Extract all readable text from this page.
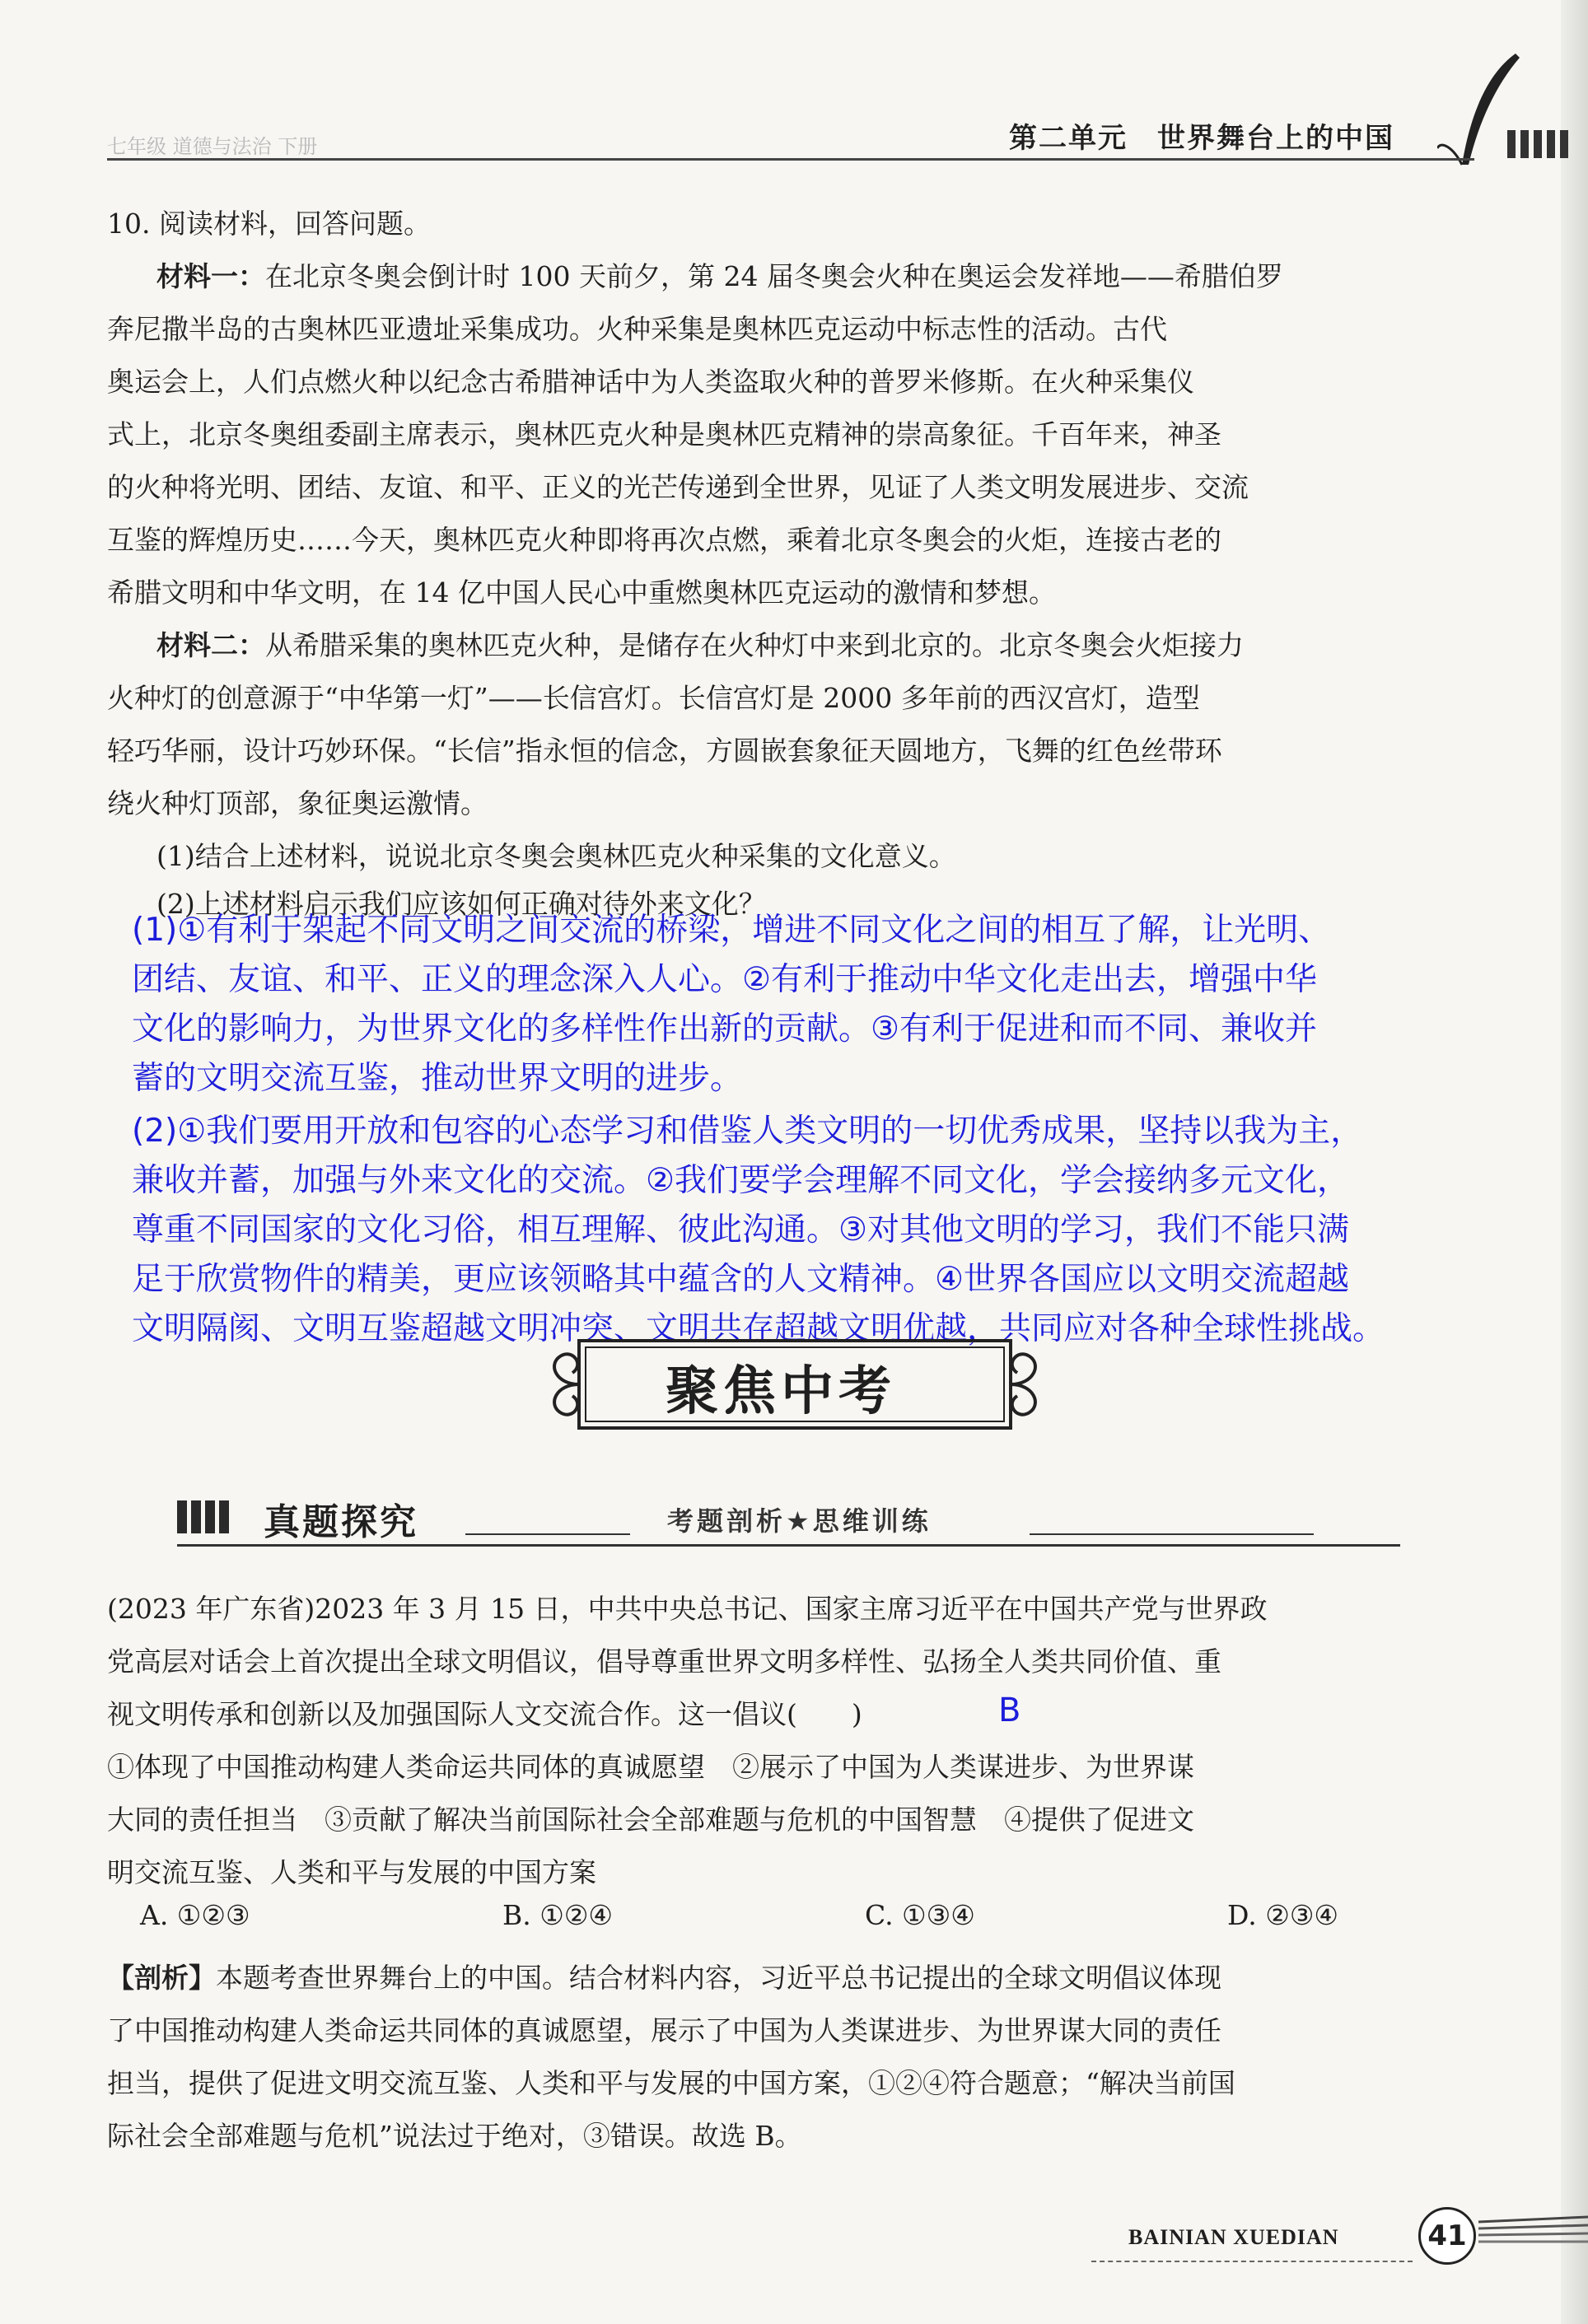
七年级 道德与法治 下册	第二单元　世界舞台上的中国
10. 阅读材料，回答问题。
材料一：在北京冬奥会倒计时 100 天前夕，第 24 届冬奥会火种在奥运会发祥地——希腊伯罗
奔尼撒半岛的古奥林匹亚遗址采集成功。火种采集是奥林匹克运动中标志性的活动。古代
奥运会上，人们点燃火种以纪念古希腊神话中为人类盗取火种的普罗米修斯。在火种采集仪
式上，北京冬奥组委副主席表示，奥林匹克火种是奥林匹克精神的崇高象征。千百年来，神圣
的火种将光明、团结、友谊、和平、正义的光芒传递到全世界，见证了人类文明发展进步、交流
互鉴的辉煌历史……今天，奥林匹克火种即将再次点燃，乘着北京冬奥会的火炬，连接古老的
希腊文明和中华文明，在 14 亿中国人民心中重燃奥林匹克运动的激情和梦想。
材料二：从希腊采集的奥林匹克火种，是储存在火种灯中来到北京的。北京冬奥会火炬接力
火种灯的创意源于“中华第一灯”——长信宫灯。长信宫灯是 2000 多年前的西汉宫灯，造型
轻巧华丽，设计巧妙环保。“长信”指永恒的信念，方圆嵌套象征天圆地方，飞舞的红色丝带环
绕火种灯顶部，象征奥运激情。
(1)结合上述材料，说说北京冬奥会奥林匹克火种采集的文化意义。
(2)上述材料启示我们应该如何正确对待外来文化？
(1)①有利于架起不同文明之间交流的桥梁，增进不同文化之间的相互了解，让光明、
团结、友谊、和平、正义的理念深入人心。②有利于推动中华文化走出去，增强中华
文化的影响力，为世界文化的多样性作出新的贡献。③有利于促进和而不同、兼收并
蓄的文明交流互鉴，推动世界文明的进步。
(2)①我们要用开放和包容的心态学习和借鉴人类文明的一切优秀成果，坚持以我为主，
兼收并蓄，加强与外来文化的交流。②我们要学会理解不同文化，学会接纳多元文化，
尊重不同国家的文化习俗，相互理解、彼此沟通。③对其他文明的学习，我们不能只满
足于欣赏物件的精美，更应该领略其中蕴含的人文精神。④世界各国应以文明交流超越
文明隔阂、文明互鉴超越文明冲突、文明共存超越文明优越，共同应对各种全球性挑战。
聚焦中考
真题探究	考题剖析★思维训练
(2023 年广东省)2023 年 3 月 15 日，中共中央总书记、国家主席习近平在中国共产党与世界政
党高层对话会上首次提出全球文明倡议，倡导尊重世界文明多样性、弘扬全人类共同价值、重
视文明传承和创新以及加强国际人文交流合作。这一倡议(　　)	B
①体现了中国推动构建人类命运共同体的真诚愿望　②展示了中国为人类谋进步、为世界谋
大同的责任担当　③贡献了解决当前国际社会全部难题与危机的中国智慧　④提供了促进文
明交流互鉴、人类和平与发展的中国方案
A. ①②③	B. ①②④	C. ①③④	D. ②③④
【剖析】本题考查世界舞台上的中国。结合材料内容，习近平总书记提出的全球文明倡议体现
了中国推动构建人类命运共同体的真诚愿望，展示了中国为人类谋进步、为世界谋大同的责任
担当，提供了促进文明交流互鉴、人类和平与发展的中国方案，①②④符合题意；“解决当前国
际社会全部难题与危机”说法过于绝对，③错误。故选 B。
BAINIAN XUEDIAN	41
